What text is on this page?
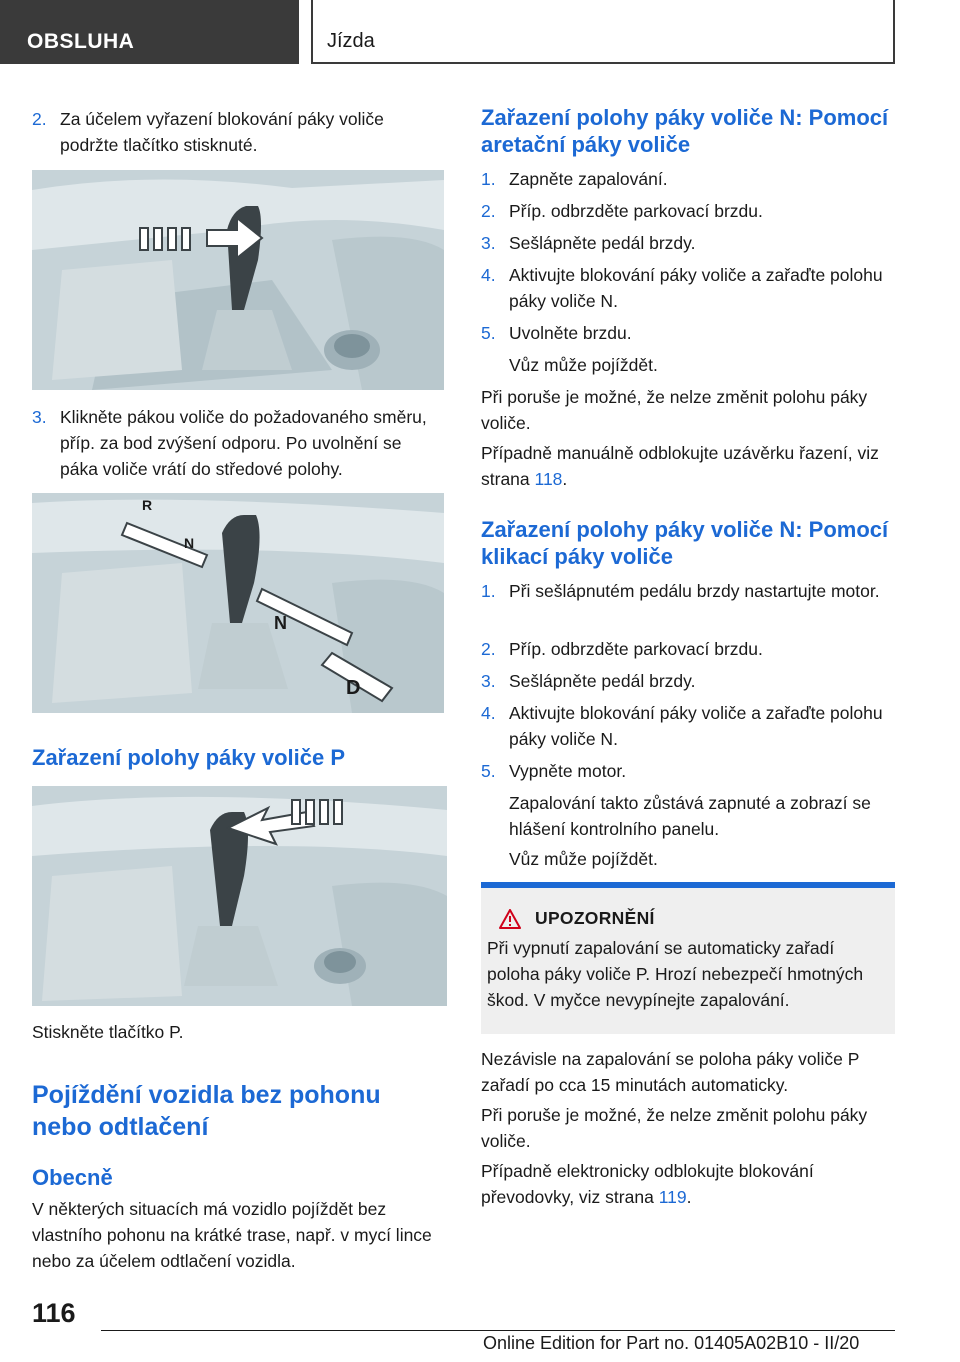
OBSLUHA	Jízda
2. Za účelem vyřazení blokování páky voliče podržte tlačítko stisknuté.
3. Klikněte pákou voliče do požadovaného směru, příp. za bod zvýšení odporu. Po uvolnění se páka voliče vrátí do středové polohy.
R
N
N
D
Zařazení polohy páky voliče P
Stiskněte tlačítko P.
Pojíždění vozidla bez pohonu nebo odtlačení
Obecně
V některých situacích má vozidlo pojíždět bez vlastního pohonu na krátké trase, např. v mycí lince nebo za účelem odtlačení vozidla.
Zařazení polohy páky voliče N: Pomocí aretační páky voliče
1. Zapněte zapalování.
2. Příp. odbrzděte parkovací brzdu.
3. Sešlápněte pedál brzdy.
4. Aktivujte blokování páky voliče a zařaďte polohu páky voliče N.
5. Uvolněte brzdu.
Vůz může pojíždět.
Při poruše je možné, že nelze změnit polohu páky voliče.
Případně manuálně odblokujte uzávěrku řazení, viz strana 118.
Zařazení polohy páky voliče N: Pomocí klikací páky voliče
1. Při sešlápnutém pedálu brzdy nastartujte motor.
2. Příp. odbrzděte parkovací brzdu.
3. Sešlápněte pedál brzdy.
4. Aktivujte blokování páky voliče a zařaďte polohu páky voliče N.
5. Vypněte motor.
Zapalování takto zůstává zapnuté a zobrazí se hlášení kontrolního panelu.
Vůz může pojíždět.
UPOZORNĚNÍ
Při vypnutí zapalování se automaticky zařadí poloha páky voliče P. Hrozí nebezpečí hmotných škod. V myčce nevypínejte zapalování.
Nezávisle na zapalování se poloha páky voliče P zařadí po cca 15 minutách automaticky.
Při poruše je možné, že nelze změnit polohu páky voliče.
Případně elektronicky odblokujte blokování převodovky, viz strana 119.
116
Online Edition for Part no. 01405A02B10 - II/20
